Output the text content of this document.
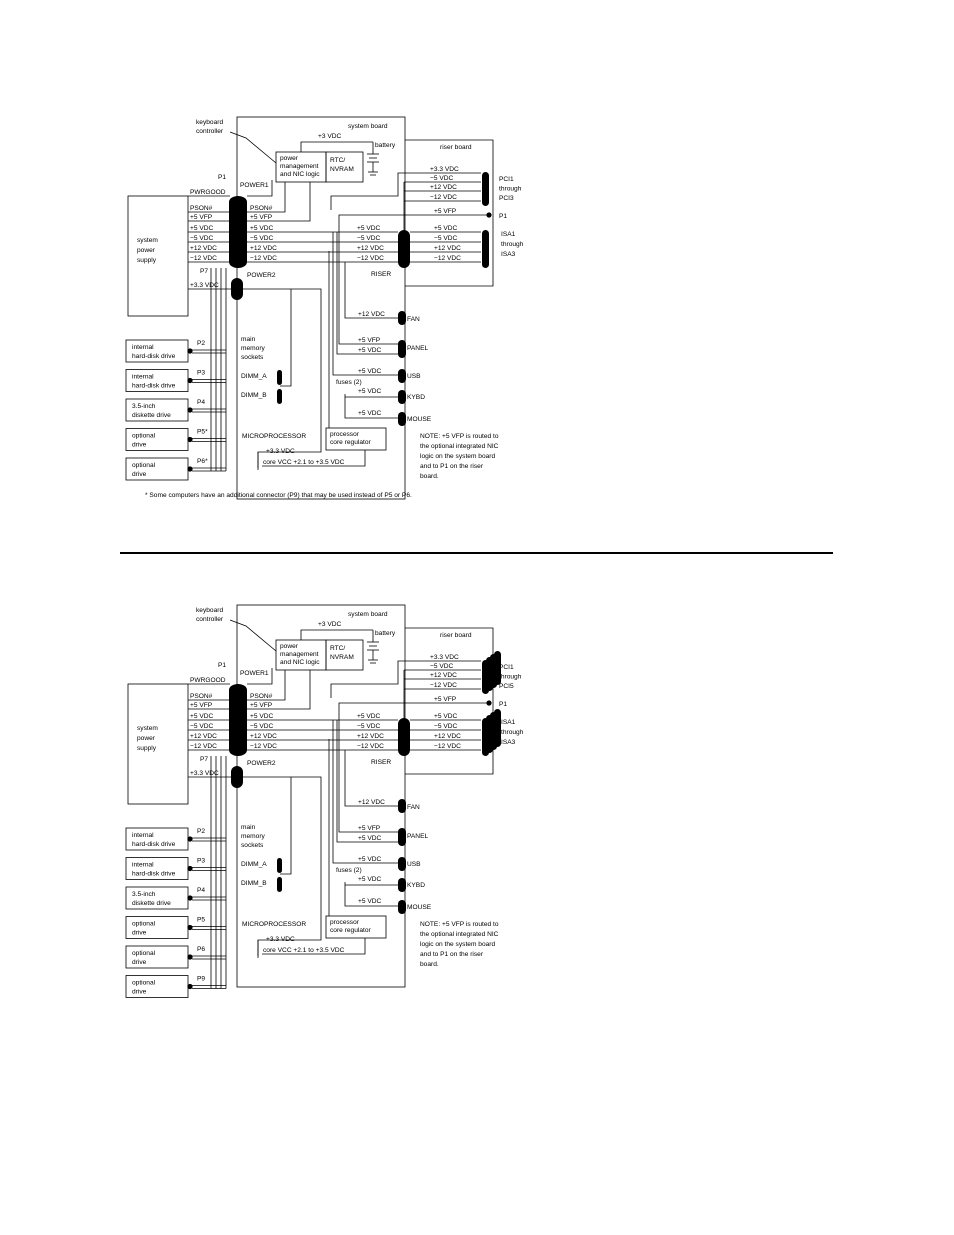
system board
riser board
keyboard
controller
+3 VDC
battery
power
management
and NIC logic
RTC/
NVRAM
P1
PWRGOOD
POWER1
system
power
supply
PSON#	PSON#
+5 VFP	+5 VFP
+5 VDC	+5 VDC
−5 VDC	−5 VDC
+12 VDC	+12 VDC
−12 VDC	−12 VDC
+5 VDC
−5 VDC
+12 VDC
−12 VDC
RISER
+5 VDC
−5 VDC
+12 VDC
−12 VDC
ISA1
through
ISA3
+3.3 VDC
−5 VDC
+12 VDC
−12 VDC
PCI1
through
PCI3
+5 VFP
P1
P7
+3.3 VDC
POWER2
main
memory
sockets
DIMM_A
DIMM_B
+12 VDC
FAN
+5 VFP
+5 VDC	PANEL
+5 VDC
USB
fuses (2)
+5 VDC
KYBD
+5 VDC
MOUSE
MICROPROCESSOR
+3.3 VDC
processor
core regulator
core VCC +2.1 to +3.5 VDC
NOTE: +5 VFP is routed to
the optional integrated NIC
logic on the system board
and to P1 on the riser
board.
internal
hard-disk drive
P2
internal
hard-disk drive
P3
3.5-inch
diskette drive
P4
optional
drive
P5*
optional
drive
P6*
system board
riser board
keyboard
controller
+3 VDC
battery
power
management
and NIC logic
RTC/
NVRAM
P1
PWRGOOD
POWER1
system
power
supply
PSON#	PSON#
+5 VFP	+5 VFP
+5 VDC	+5 VDC
−5 VDC	−5 VDC
+12 VDC	+12 VDC
−12 VDC	−12 VDC
+5 VDC
−5 VDC
+12 VDC
−12 VDC
RISER
+5 VDC
−5 VDC
+12 VDC
−12 VDC
ISA1
through
ISA3
+3.3 VDC
−5 VDC
+12 VDC
−12 VDC
PCI1
through
PCI5
+5 VFP
P1
P7
+3.3 VDC
POWER2
main
memory
sockets
DIMM_A
DIMM_B
+12 VDC
FAN
+5 VFP
+5 VDC	PANEL
+5 VDC
USB
fuses (2)
+5 VDC
KYBD
+5 VDC
MOUSE
MICROPROCESSOR
+3.3 VDC
processor
core regulator
core VCC +2.1 to +3.5 VDC
NOTE: +5 VFP is routed to
the optional integrated NIC
logic on the system board
and to P1 on the riser
board.
internal
hard-disk drive
P2
internal
hard-disk drive
P3
3.5-inch
diskette drive
P4
optional
drive
P5
optional
drive
P6
optional
drive
P9
* Some computers have an additional connector (P9) that may be used instead of P5 or P6.
